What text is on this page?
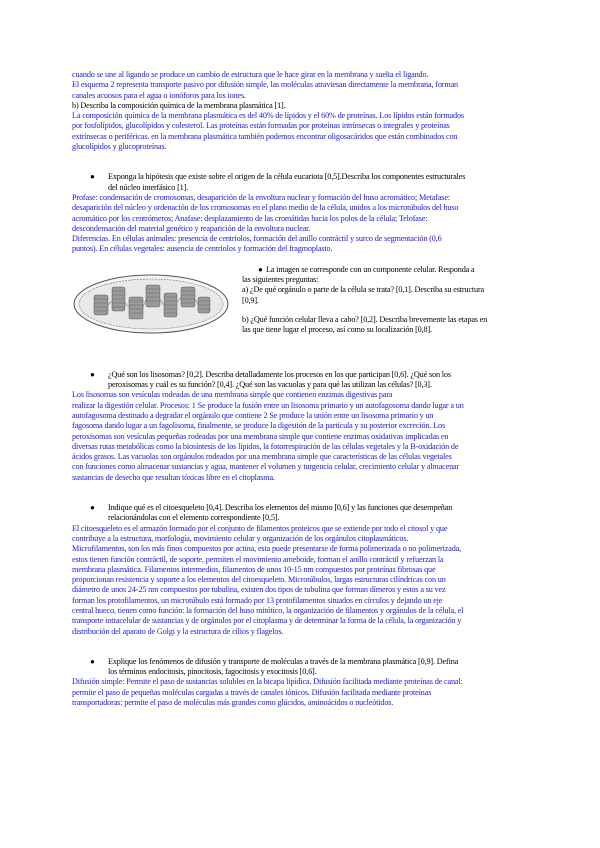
cuando se une al ligando se produce un cambio de estructura que le hace girar en la membrana y suelta el ligando.

El esquema 2 representa transporte pasivo por difusión simple, las moléculas atraviesan directamente la membrana, forman

canales acuosos para el agua o ionóforos para los iones.

b) Describa la composición química de la membrana plasmática [1].

La composición química de la membrana plasmática es del 40% de lípidos y el 60% de proteínas. Los lípidos están formados

por fosfolípidos, glucolípidos y colesterol. Las proteínas están formadas por proteínas intrínsecas o integrales y proteínas

extrínsecas o periféricas. en la membrana plasmática también podemos encontrar oligosacáridos que están combinados con

glucolípidos y glucoproteínas.

● Exponga la hipótesis que existe sobre el origen de la célula eucariota [0,5].Describa los componentes estructurales

del núcleo interfásico [1].

Profase: condensación de cromosomas, desaparición de la envoltura nuclear y formación del huso acromático; Metafase:

desaparición del núcleo y ordenación de los cromosomas en el plano medio de la célula, unidos a los microtúbulos del huso

acromático por los centrómeros; Anafase: desplazamiento de las cromátidas hacia los polos de la célula; Telofase:

descondensación del material genético y reaparición de la envoltura nuclear.

Diferencias. En células animales: presencia de centriolos, formación del anillo contráctil y surco de segmentación (0,6

puntos). En células vegetales: ausencia de centriolos y formación del fragmoplasto.

● La imagen se corresponde con un componente celular. Responda a

las siguientes preguntas:

a) ¿De qué orgánulo o parte de la célula se trata? [0,1]. Describa su estructura

[0,9].

b) ¿Qué función celular lleva a cabo? [0,2]. Describa brevemente las etapas en

las que tiene lugar el proceso, así como su localización [0,8].

● ¿Qué son los lisosomas? [0,2]. Describa detalladamente los procesos en los que participan [0,6]. ¿Qué son los

peroxisomas y cuál es su función? [0,4]. ¿Qué son las vacuolas y para qué las utilizan las células? [0,3].

Los lisosomas son vesículas rodeadas de una membrana simple que contienen enzimas digestivas para

realizar la digestión celular. Procesos: 1 Se produce la fusión entre un lisosoma primario y un autofagosoma dando lugar a un

autofagosoma destinado a degradar el orgánulo que contiene 2 Se produce la unión entre un lisosoma primario y un

fagosoma dando lugar a un fagolisoma, finalmente, se produce la digestión de la partícula y su posterior excreción. Los

peroxisomas son vesículas pequeñas rodeadas por una membrana simple que contiene enzimas oxidativas implicadas en

diversas rutas metabólicas como la biosíntesis de los lípidos, la fotorrespiración de las células vegetales y la B-oxidación de

ácidos grasos. Las vacuolas son orgánulos rodeados por una membrana simple que características de las células vegetales

con funciones como almacenar sustancias y agua, mantener el volumen y turgencia celular, crecimiento celular y almacenar

sustancias de desecho que resultan tóxicas libre en el citoplasma.

● Indique qué es el citoesqueleto [0,4]. Describa los elementos del mismo [0,6] y las funciones que desempeñan

relacionándolas con el elemento correspondiente [0,5].

El citoesqueleto es el armazón formado por el conjunto de filamentos proteicos que se extiende por todo el citosol y que

contribuye a la estructura, morfología, movimiento celular y organización de los orgánulos citoplasmáticos.

Microfilamentos, son los más finos compuestos por actina, esta puede presentarse de forma polimerizada o no polimerizada,

estos tienen función contráctil, de soporte, permiten el movimiento ameboide, forman el anillo contráctil y refuerzan la

membrana plasmática. Filamentos intermedios, filamentos de unos 10-15 nm compuestos por proteínas fibrosas que

proporcionan resistencia y soporte a los elementos del citoesqueleto. Microtúbulos, largas estructuras cilíndricas con un

diámetro de unos 24-25 nm compuestos por tubulina, existen dos tipos de tubulina que forman dímeros y estos a su vez

forman los protofilamentos, un microtúbulo está formado por 13 protofilamentos situados en círculos y dejando un eje

central hueco, tienen como función: la formación del huso mitótico, la organización de filamentos y orgánulos de la célula, el

transporte intracelular de sustancias y de orgánulos por el citoplasma y de determinar la forma de la célula, la organización y

distribución del aparato de Golgi y la estructura de cilios y flagelos.

● Explique los fenómenos de difusión y transporte de moléculas a través de la membrana plasmática [0,9]. Defina

los términos endocitosis, pinocitosis, fagocitosis y exocitosis [0,6].

Difusión simple: Permite el paso de sustancias solubles en la bicapa lipídica. Difusión facilitada mediante proteínas de canal:

permite el paso de pequeñas moléculas cargadas a través de canales iónicos. Difusión facilitada mediante proteínas

transportadoras: permite el paso de moléculas más grandes como glúcidos, aminoácidos o nucleótidos.
